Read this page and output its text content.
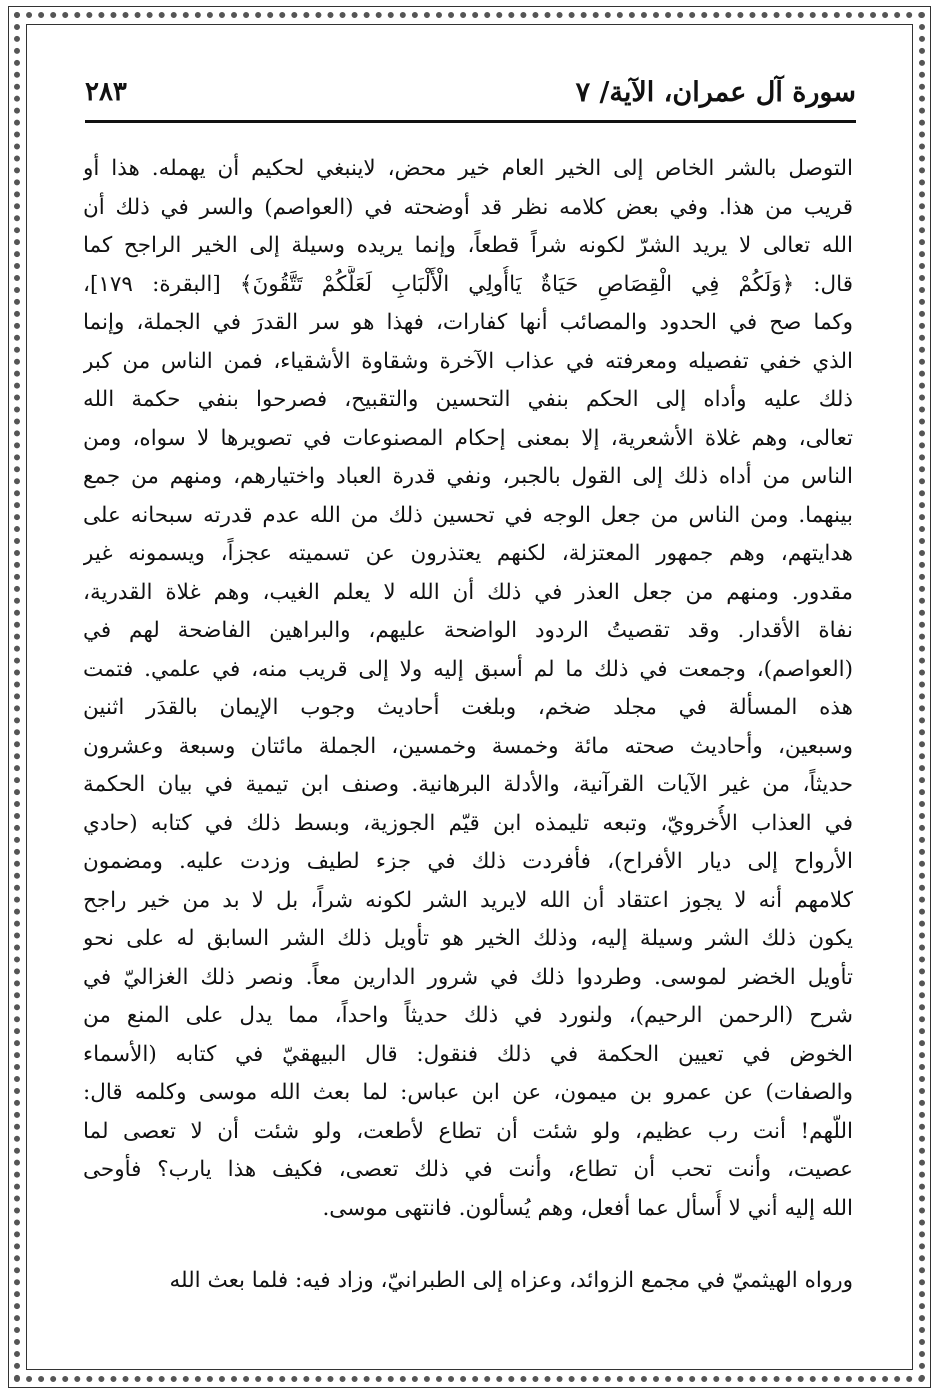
سورة آل عمران، الآية/ ٧
٢٨٣
التوصل بالشر الخاص إلى الخير العام خير محض، لاينبغي لحكيم أن يهمله. هذا أو
قريب من هذا. وفي بعض كلامه نظر قد أوضحته في (العواصم) والسر في ذلك أن
الله تعالى لا يريد الشرّ لكونه شراً قطعاً، وإنما يريده وسيلة إلى الخير الراجح كما
قال: ﴿وَلَكُمْ فِي الْقِصَاصِ حَيَاةٌ يَاأُولِي الْأَلْبَابِ لَعَلَّكُمْ تَتَّقُونَ﴾ [البقرة: ١٧٩]،
وكما صح في الحدود والمصائب أنها كفارات، فهذا هو سر القدرَ في الجملة، وإنما
الذي خفي تفصيله ومعرفته في عذاب الآخرة وشقاوة الأشقياء، فمن الناس من كبر
ذلك عليه وأداه إلى الحكم بنفي التحسين والتقبيح، فصرحوا بنفي حكمة الله
تعالى، وهم غلاة الأشعرية، إلا بمعنى إحكام المصنوعات في تصويرها لا سواه، ومن
الناس من أداه ذلك إلى القول بالجبر، ونفي قدرة العباد واختيارهم، ومنهم من جمع
بينهما. ومن الناس من جعل الوجه في تحسين ذلك من الله عدم قدرته سبحانه على
هدايتهم، وهم جمهور المعتزلة، لكنهم يعتذرون عن تسميته عجزاً، ويسمونه غير
مقدور. ومنهم من جعل العذر في ذلك أن الله لا يعلم الغيب، وهم غلاة القدرية،
نفاة الأقدار. وقد تقصيتُ الردود الواضحة عليهم، والبراهين الفاضحة لهم في
(العواصم)، وجمعت في ذلك ما لم أسبق إليه ولا إلى قريب منه، في علمي. فتمت
هذه المسألة في مجلد ضخم، وبلغت أحاديث وجوب الإيمان بالقدَر اثنين
وسبعين، وأحاديث صحته مائة وخمسة وخمسين، الجملة مائتان وسبعة وعشرون
حديثاً، من غير الآيات القرآنية، والأدلة البرهانية. وصنف ابن تيمية في بيان الحكمة
في العذاب الأُخرويّ، وتبعه تليمذه ابن قيّم الجوزية، وبسط ذلك في كتابه (حادي
الأرواح إلى ديار الأفراح)، فأفردت ذلك في جزء لطيف وزدت عليه. ومضمون
كلامهم أنه لا يجوز اعتقاد أن الله لايريد الشر لكونه شراً، بل لا بد من خير راجح
يكون ذلك الشر وسيلة إليه، وذلك الخير هو تأويل ذلك الشر السابق له على نحو
تأويل الخضر لموسى. وطردوا ذلك في شرور الدارين معاً. ونصر ذلك الغزاليّ في
شرح (الرحمن الرحيم)، ولنورد في ذلك حديثاً واحداً، مما يدل على المنع من
الخوض في تعيين الحكمة في ذلك فنقول: قال البيهقيّ في كتابه (الأسماء
والصفات) عن عمرو بن ميمون، عن ابن عباس: لما بعث الله موسى وكلمه قال:
اللّهم! أنت رب عظيم، ولو شئت أن تطاع لأطعت، ولو شئت أن لا تعصى لما
عصيت، وأنت تحب أن تطاع، وأنت في ذلك تعصى، فكيف هذا يارب؟ فأوحى
الله إليه أني لا أُسأل عما أفعل، وهم يُسألون. فانتهى موسى.
ورواه الهيثميّ في مجمع الزوائد، وعزاه إلى الطبرانيّ، وزاد فيه: فلما بعث الله
